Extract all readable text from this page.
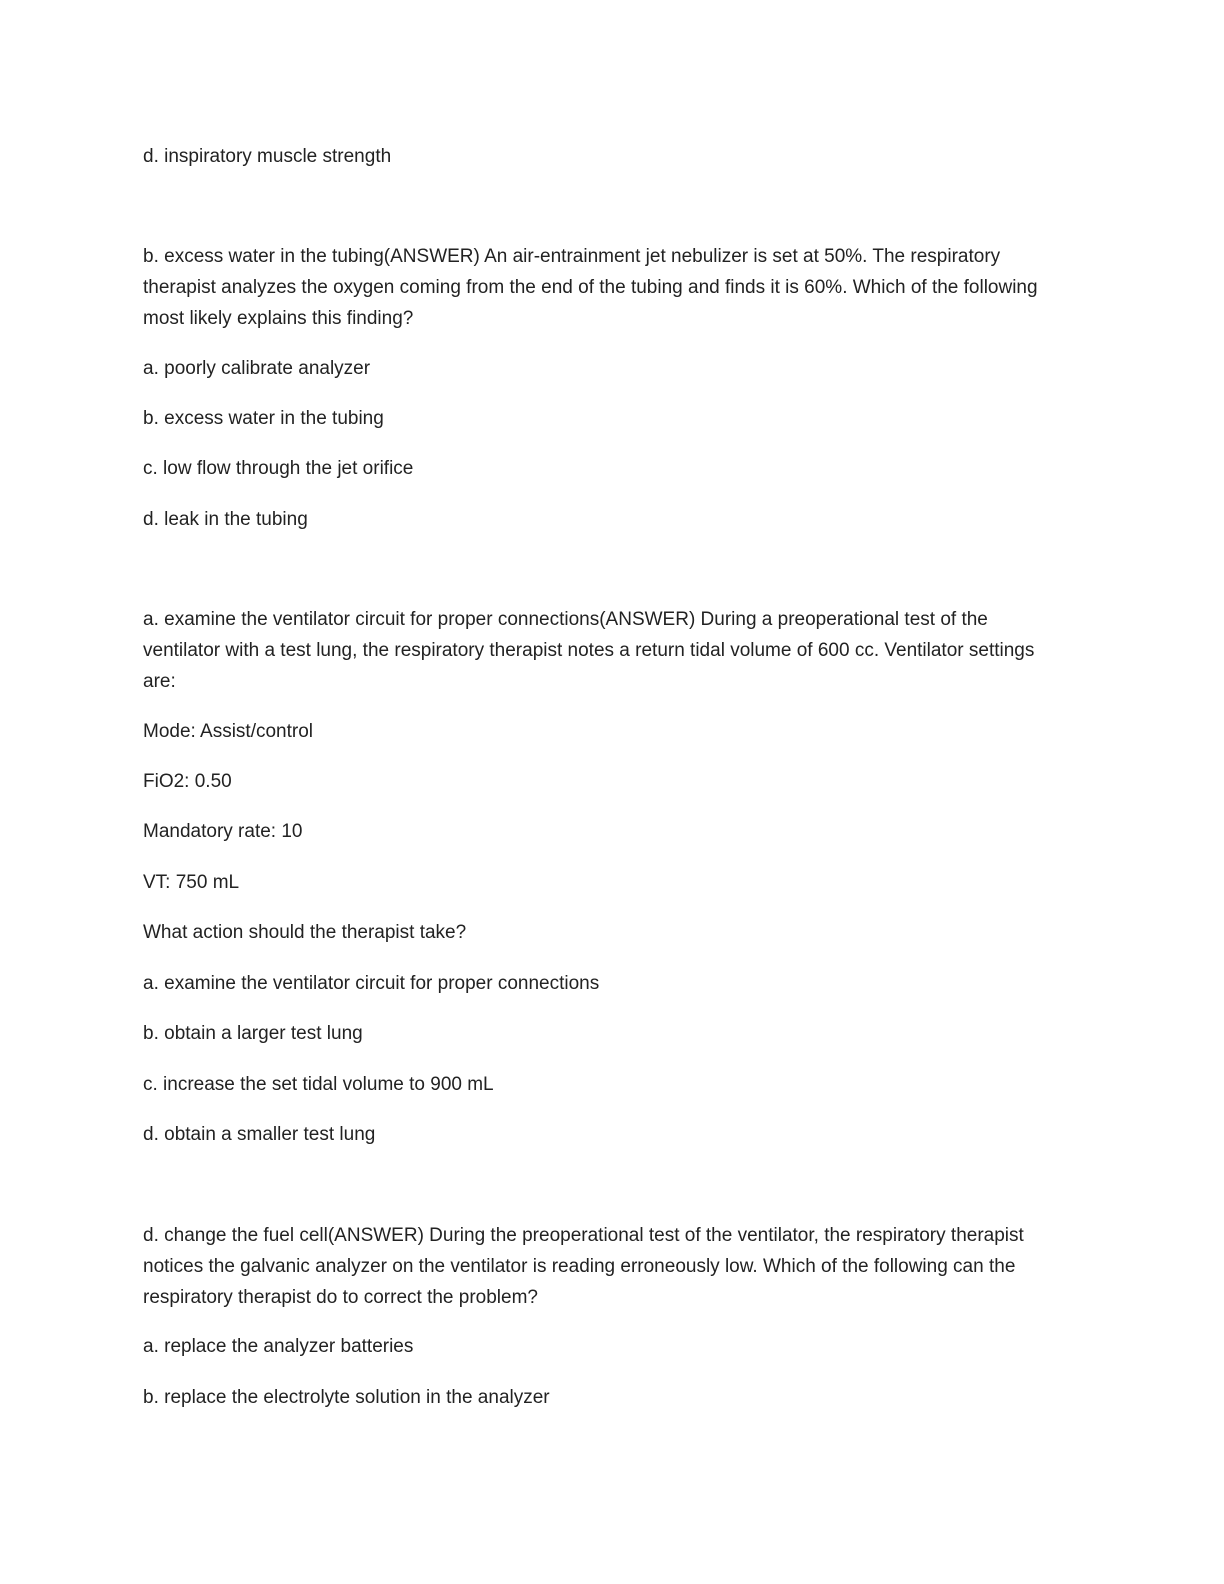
d. inspiratory muscle strength

b. excess water in the tubing(ANSWER) An air-entrainment jet nebulizer is set at 50%. The respiratory therapist analyzes the oxygen coming from the end of the tubing and finds it is 60%. Which of the following most likely explains this finding?

a. poorly calibrate analyzer

b. excess water in the tubing

c. low flow through the jet orifice

d. leak in the tubing

a. examine the ventilator circuit for proper connections(ANSWER) During a preoperational test of the ventilator with a test lung, the respiratory therapist notes a return tidal volume of 600 cc. Ventilator settings are:

Mode: Assist/control

FiO2: 0.50

Mandatory rate: 10

VT: 750 mL

What action should the therapist take?

a. examine the ventilator circuit for proper connections

b. obtain a larger test lung

c. increase the set tidal volume to 900 mL

d. obtain a smaller test lung

d. change the fuel cell(ANSWER) During the preoperational test of the ventilator, the respiratory therapist notices the galvanic analyzer on the ventilator is reading erroneously low. Which of the following can the respiratory therapist do to correct the problem?

a. replace the analyzer batteries

b. replace the electrolyte solution in the analyzer
